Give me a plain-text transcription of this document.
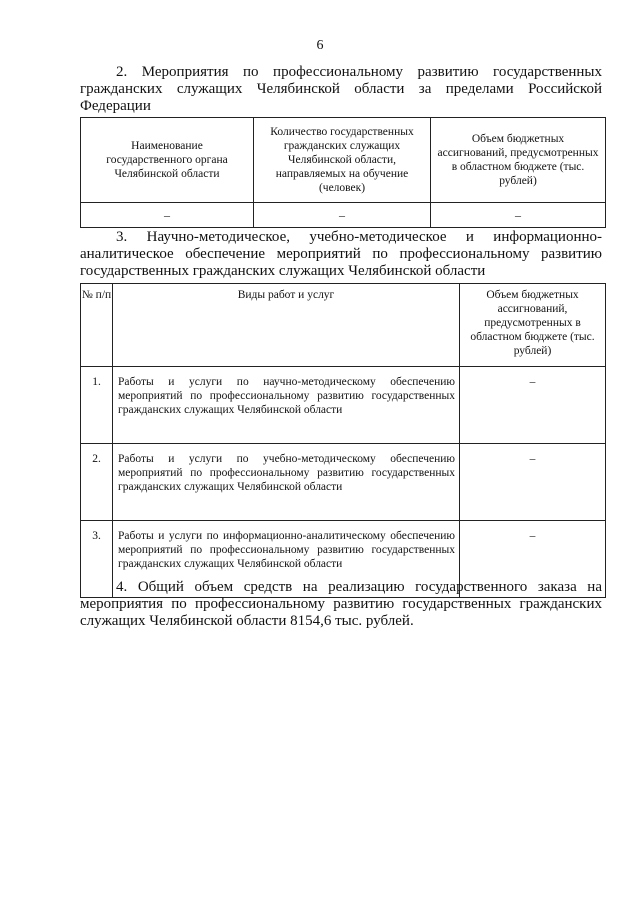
6

2. Мероприятия по профессиональному развитию государственных гражданских служащих Челябинской области за пределами Российской Федерации

Наименование государственного органа Челябинской области	Количество государственных гражданских служащих Челябинской области, направляемых на обучение (человек)	Объем бюджетных ассигнований, предусмотренных в областном бюджете (тыс. рублей)
–	–	–

3. Научно-методическое, учебно-методическое и информационно-аналитическое обеспечение мероприятий по профессиональному развитию государственных гражданских служащих Челябинской области

№ п/п	Виды работ и услуг	Объем бюджетных ассигнований, предусмотренных в областном бюджете (тыс. рублей)
1.	Работы и услуги по научно-методическому обеспечению мероприятий по профессиональному развитию государственных гражданских служащих Челябинской области	–
2.	Работы и услуги по учебно-методическому обеспечению мероприятий по профессиональному развитию государственных гражданских служащих Челябинской области	–
3.	Работы и услуги по информационно-аналитическому обеспечению мероприятий по профессиональному развитию государственных гражданских служащих Челябинской области	–

4. Общий объем средств на реализацию государственного заказа на мероприятия по профессиональному развитию государственных гражданских служащих Челябинской области 8154,6 тыс. рублей.
